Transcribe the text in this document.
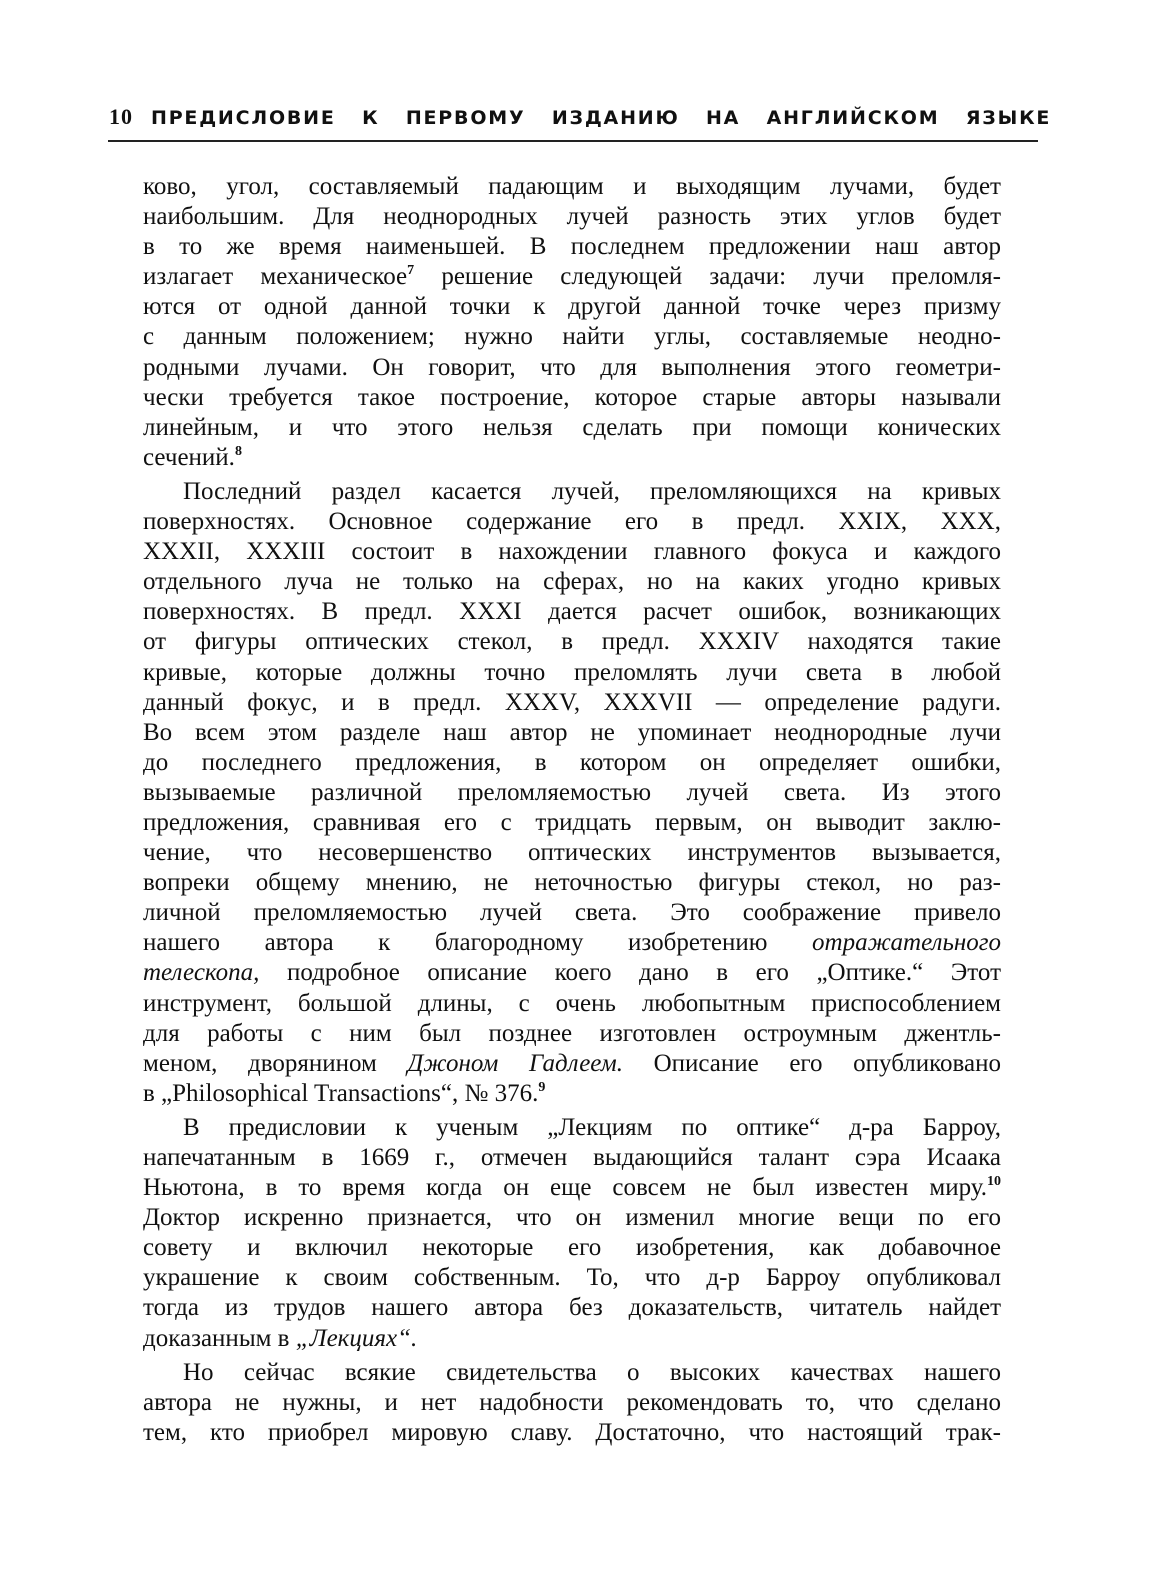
10 ПРЕДИСЛОВИЕ К ПЕРВОМУ ИЗДАНИЮ НА АНГЛИЙСКОМ ЯЗЫКЕ
ково, угол, составляемый падающим и выходящим лучами, будет
наибольшим. Для неоднородных лучей разность этих углов будет
в то же время наименьшей. В последнем предложении наш автор
излагает механическое$^7$ решение следующей задачи: лучи преломля-
ются от одной данной точки к другой данной точке через призму
с данным положением; нужно найти углы, составляемые неодно-
родными лучами. Он говорит, что для выполнения этого геометри-
чески требуется такое построение, которое старые авторы называли
линейным, и что этого нельзя сделать при помощи конических
сечений.$^8$
Последний раздел касается лучей, преломляющихся на кривых
поверхностях. Основное содержание его в предл. XXIX, XXX,
XXXII, XXXIII состоит в нахождении главного фокуса и каждого
отдельного луча не только на сферах, но на каких угодно кривых
поверхностях. В предл. XXXI дается расчет ошибок, возникающих
от фигуры оптических стекол, в предл. XXXIV находятся такие
кривые, которые должны точно преломлять лучи света в любой
данный фокус, и в предл. XXXV, XXXVII — определение радуги.
Во всем этом разделе наш автор не упоминает неоднородные лучи
до последнего предложения, в котором он определяет ошибки,
вызываемые различной преломляемостью лучей света. Из этого
предложения, сравнивая его с тридцать первым, он выводит заклю-
чение, что несовершенство оптических инструментов вызывается,
вопреки общему мнению, не неточностью фигуры стекол, но раз-
личной преломляемостью лучей света. Это соображение привело
нашего автора к благородному изобретению отражательного
телескопа, подробное описание коего дано в его „Оптике.“ Этот
инструмент, большой длины, с очень любопытным приспособлением
для работы с ним был позднее изготовлен остроумным джентль-
меном, дворянином Джоном Гадлеем. Описание его опубликовано
в „Philosophical Transactions“, № 376.$^9$
В предисловии к ученым „Лекциям по оптике“ д-ра Барроу,
напечатанным в 1669 г., отмечен выдающийся талант сэра Исаака
Ньютона, в то время когда он еще совсем не был известен миру.$^{10}$
Доктор искренно признается, что он изменил многие вещи по его
совету и включил некоторые его изобретения, как добавочное
украшение к своим собственным. То, что д-р Барроу опубликовал
тогда из трудов нашего автора без доказательств, читатель найдет
доказанным в „Лекциях“.
Но сейчас всякие свидетельства о высоких качествах нашего
автора не нужны, и нет надобности рекомендовать то, что сделано
тем, кто приобрел мировую славу. Достаточно, что настоящий трак-
